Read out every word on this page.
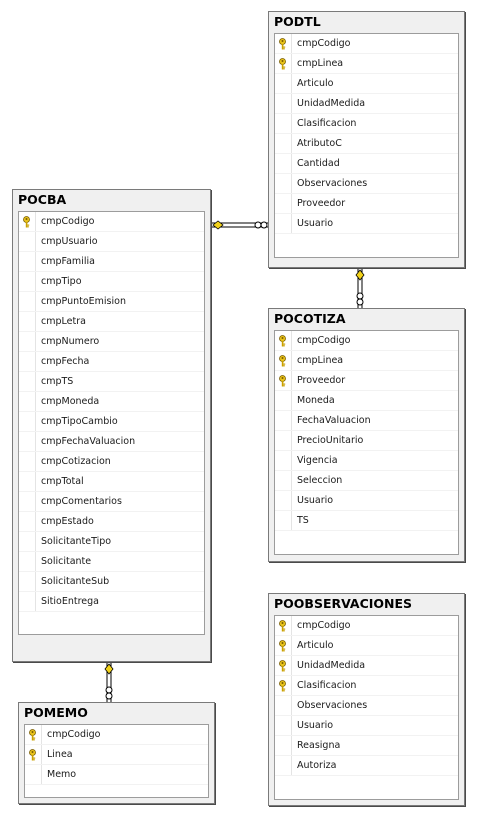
PODTL
cmpCodigo
cmpLinea
Articulo
UnidadMedida
Clasificacion
AtributoC
Cantidad
Observaciones
Proveedor
Usuario
POCBA
cmpCodigo
cmpUsuario
cmpFamilia
cmpTipo
cmpPuntoEmision
cmpLetra
cmpNumero
cmpFecha
cmpTS
cmpMoneda
cmpTipoCambio
cmpFechaValuacion
cmpCotizacion
cmpTotal
cmpComentarios
cmpEstado
SolicitanteTipo
Solicitante
SolicitanteSub
SitioEntrega
POCOTIZA
cmpCodigo
cmpLinea
Proveedor
Moneda
FechaValuacion
PrecioUnitario
Vigencia
Seleccion
Usuario
TS
POOBSERVACIONES
cmpCodigo
Articulo
UnidadMedida
Clasificacion
Observaciones
Usuario
Reasigna
Autoriza
POMEMO
cmpCodigo
Linea
Memo
